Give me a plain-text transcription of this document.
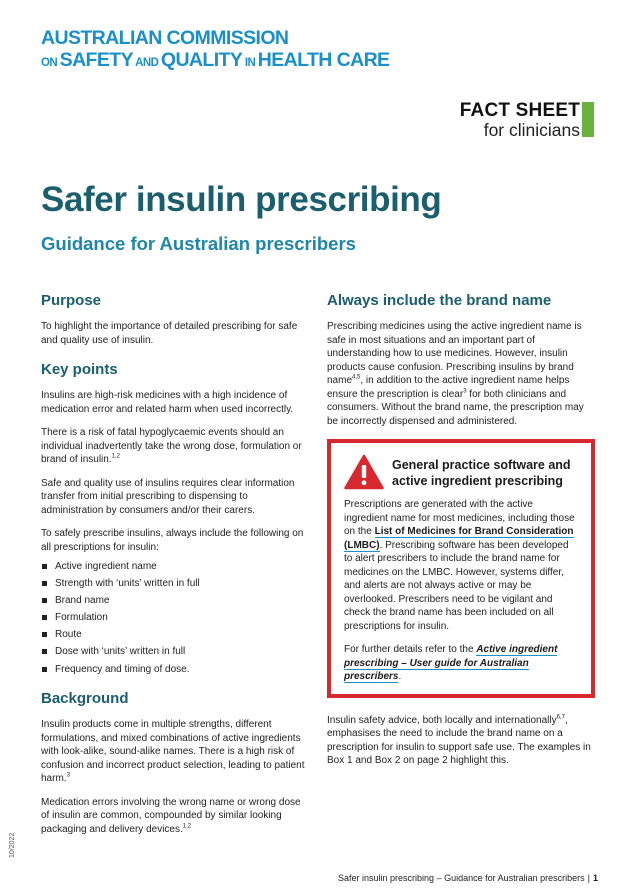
AUSTRALIAN COMMISSION
ON SAFETY AND QUALITY IN HEALTH CARE
FACT SHEET
for clinicians
Safer insulin prescribing
Guidance for Australian prescribers
Purpose

To highlight the importance of detailed prescribing for safe and quality use of insulin.

Key points

Insulins are high-risk medicines with a high incidence of medication error and related harm when used incorrectly.

There is a risk of fatal hypoglycaemic events should an individual inadvertently take the wrong dose, formulation or brand of insulin.$^{1,2}$

Safe and quality use of insulins requires clear information transfer from initial prescribing to dispensing to administration by consumers and/or their carers.

To safely prescribe insulins, always include the following on all prescriptions for insulin:

Active ingredient name
Strength with ‘units’ written in full
Brand name
Formulation
Route
Dose with ‘units’ written in full
Frequency and timing of dose.
Background

Insulin products come in multiple strengths, different formulations, and mixed combinations of active ingredients with look-alike, sound-alike names. There is a high risk of confusion and incorrect product selection, leading to patient harm.$^3$

Medication errors involving the wrong name or wrong dose of insulin are common, compounded by similar looking packaging and delivery devices.$^{1,2}$

Always include the brand name

Prescribing medicines using the active ingredient name is safe in most situations and an important part of understanding how to use medicines. However, insulin products cause confusion. Prescribing insulins by brand name$^{4,5}$, in addition to the active ingredient name helps ensure the prescription is clear$^3$ for both clinicians and consumers. Without the brand name, the prescription may be incorrectly dispensed and administered.

General practice software and active ingredient prescribing

Prescriptions are generated with the active ingredient name for most medicines, including those on the List of Medicines for Brand Consideration (LMBC). Prescribing software has been developed to alert prescribers to include the brand name for medicines on the LMBC. However, systems differ, and alerts are not always active or may be overlooked. Prescribers need to be vigilant and check the brand name has been included on all prescriptions for insulin.

For further details refer to the Active ingredient prescribing – User guide for Australian prescribers.

Insulin safety advice, both locally and internationally$^{6,7}$, emphasises the need to include the brand name on a prescription for insulin to support safe use. The examples in Box 1 and Box 2 on page 2 highlight this.

10/2022
Safer insulin prescribing – Guidance for Australian prescribers | 1
